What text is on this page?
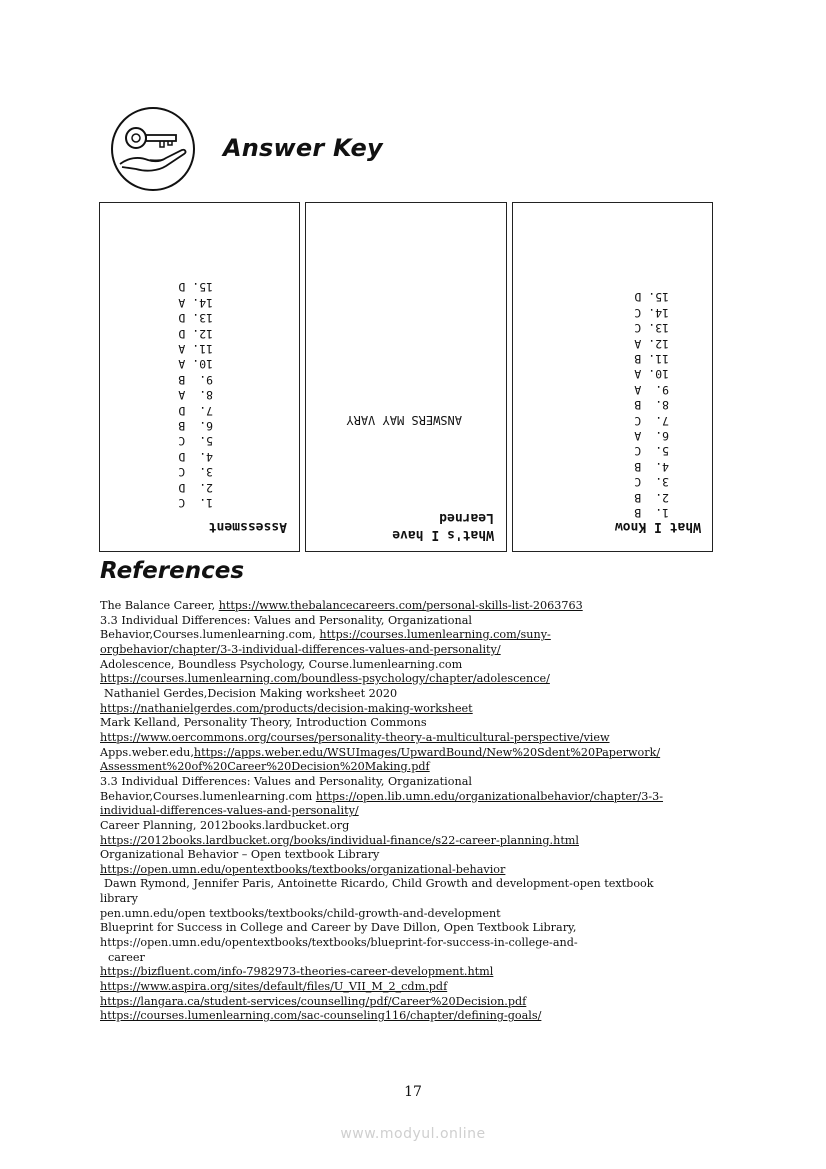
Answer Key
Assessment
1.  C
2.  D
3.  C
4.  D
5.  C
6.  B
7.  D
8.  A
9.  B
10. A
11. A
12. D
13. D
14. A
15. D
What's I have Learned

ANSWERS MAY VARY

What I Know
1.  B
2.  B
3.  C
4.  B
5.  C
6.  A
7.  C
8.  B
9.  A
10. A
11. B
12. A
13. C
14. C
15. D
References

The Balance Career, https://www.thebalancecareers.com/personal-skills-list-2063763

3.3 Individual Differences: Values and Personality, Organizational

Behavior,Courses.lumenlearning.com, https://courses.lumenlearning.com/suny-

orgbehavior/chapter/3-3-individual-differences-values-and-personality/

Adolescence, Boundless Psychology, Course.lumenlearning.com

https://courses.lumenlearning.com/boundless-psychology/chapter/adolescence/

Nathaniel Gerdes,Decision Making worksheet 2020

https://nathanielgerdes.com/products/decision-making-worksheet

Mark Kelland, Personality Theory, Introduction Commons

https://www.oercommons.org/courses/personality-theory-a-multicultural-perspective/view

Apps.weber.edu,https://apps.weber.edu/WSUImages/UpwardBound/New%20Sdent%20Paperwork/

Assessment%20of%20Career%20Decision%20Making.pdf

3.3 Individual Differences: Values and Personality, Organizational

Behavior,Courses.lumenlearning.com https://open.lib.umn.edu/organizationalbehavior/chapter/3-3-

individual-differences-values-and-personality/

Career Planning, 2012books.lardbucket.org

https://2012books.lardbucket.org/books/individual-finance/s22-career-planning.html

Organizational Behavior – Open textbook Library

https://open.umn.edu/opentextbooks/textbooks/organizational-behavior

Dawn Rymond, Jennifer Paris, Antoinette Ricardo, Child Growth and development-open textbook

library

pen.umn.edu/open textbooks/textbooks/child-growth-and-development

Blueprint for Success in College and Career by Dave Dillon, Open Textbook Library,

https://open.umn.edu/opentextbooks/textbooks/blueprint-for-success-in-college-and-

career

https://bizfluent.com/info-7982973-theories-career-development.html

https://www.aspira.org/sites/default/files/U_VII_M_2_cdm.pdf

https://langara.ca/student-services/counselling/pdf/Career%20Decision.pdf

https://courses.lumenlearning.com/sac-counseling116/chapter/defining-goals/

17
www.modyul.online
